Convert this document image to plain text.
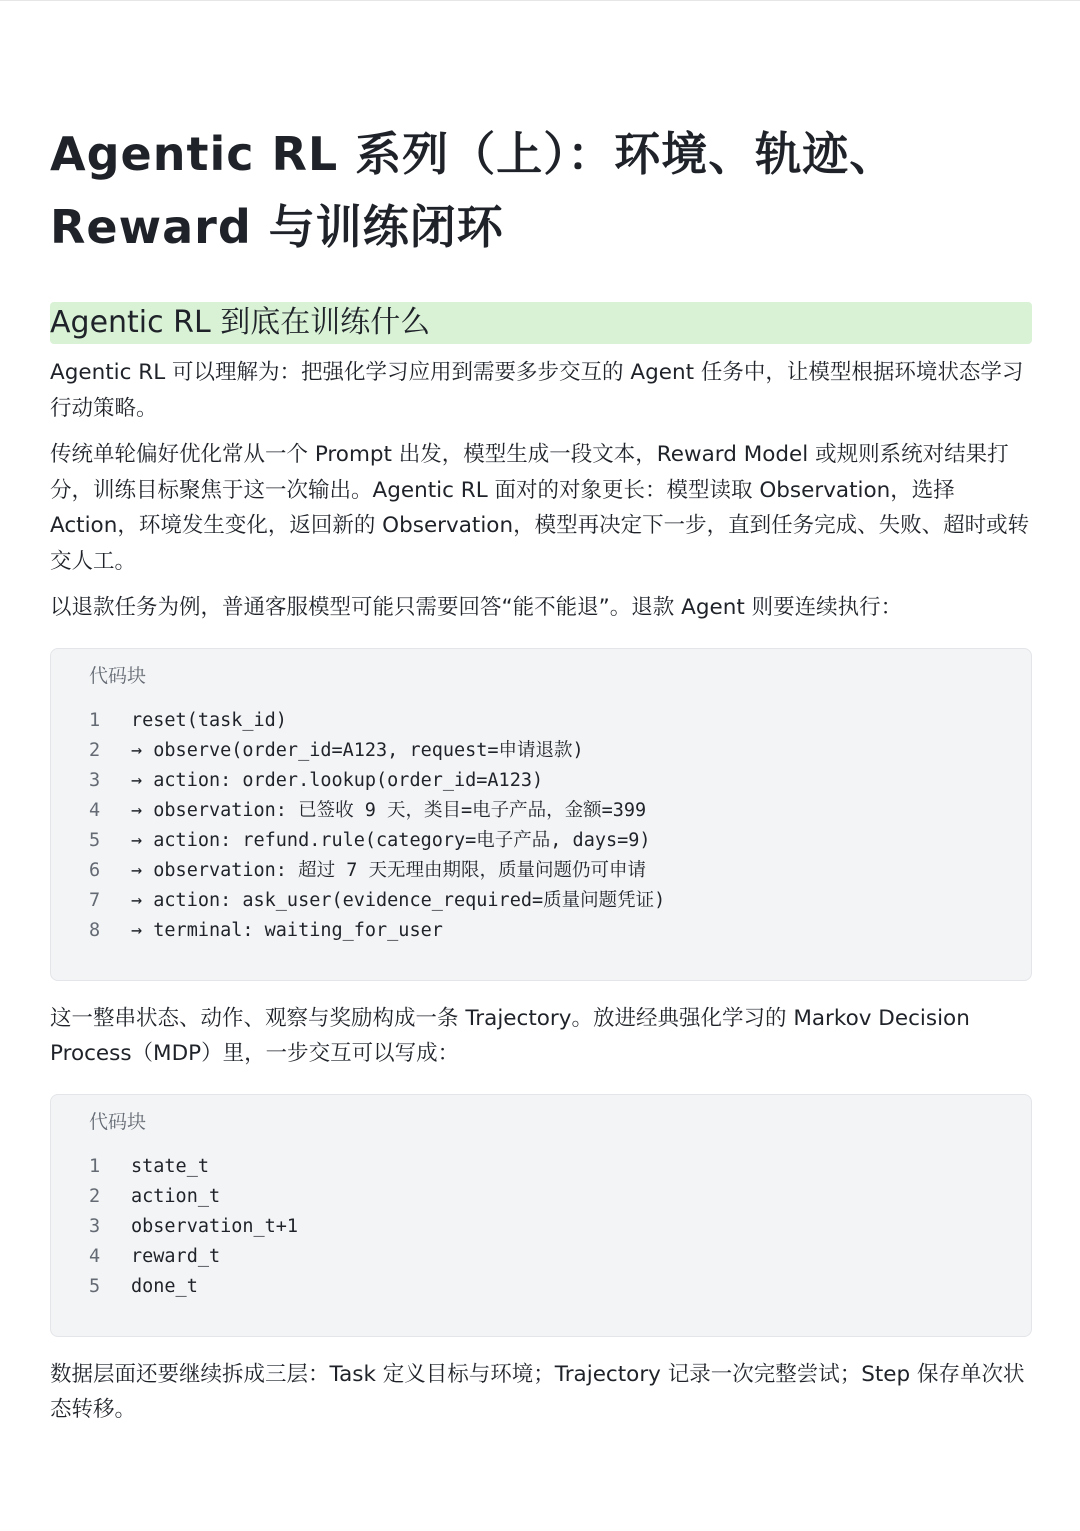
Agentic RL 系列（上）：环境、轨迹、Reward 与训练闭环
Agentic RL 到底在训练什么

Agentic RL 可以理解为：把强化学习应用到需要多步交互的 Agent 任务中，让模型根据环境状态学习行动策略。

传统单轮偏好优化常从一个 Prompt 出发，模型生成一段文本，Reward Model 或规则系统对结果打分，训练目标聚焦于这一次输出。Agentic RL 面对的对象更长：模型读取 Observation，选择 Action，环境发生变化，返回新的 Observation，模型再决定下一步，直到任务完成、失败、超时或转交人工。

以退款任务为例，普通客服模型可能只需要回答“能不能退”。退款 Agent 则要连续执行：

代码块
1	reset(task_id)
2	→ observe(order_id=A123, request=申请退款)
3	→ action: order.lookup(order_id=A123)
4	→ observation: 已签收 9 天，类目=电子产品，金额=399
5	→ action: refund.rule(category=电子产品, days=9)
6	→ observation: 超过 7 天无理由期限，质量问题仍可申请
7	→ action: ask_user(evidence_required=质量问题凭证)
8	→ terminal: waiting_for_user

这一整串状态、动作、观察与奖励构成一条 Trajectory。放进经典强化学习的 Markov Decision Process（MDP）里，一步交互可以写成：

代码块
1	state_t
2	action_t
3	observation_t+1
4	reward_t
5	done_t

数据层面还要继续拆成三层：Task 定义目标与环境；Trajectory 记录一次完整尝试；Step 保存单次状态转移。
